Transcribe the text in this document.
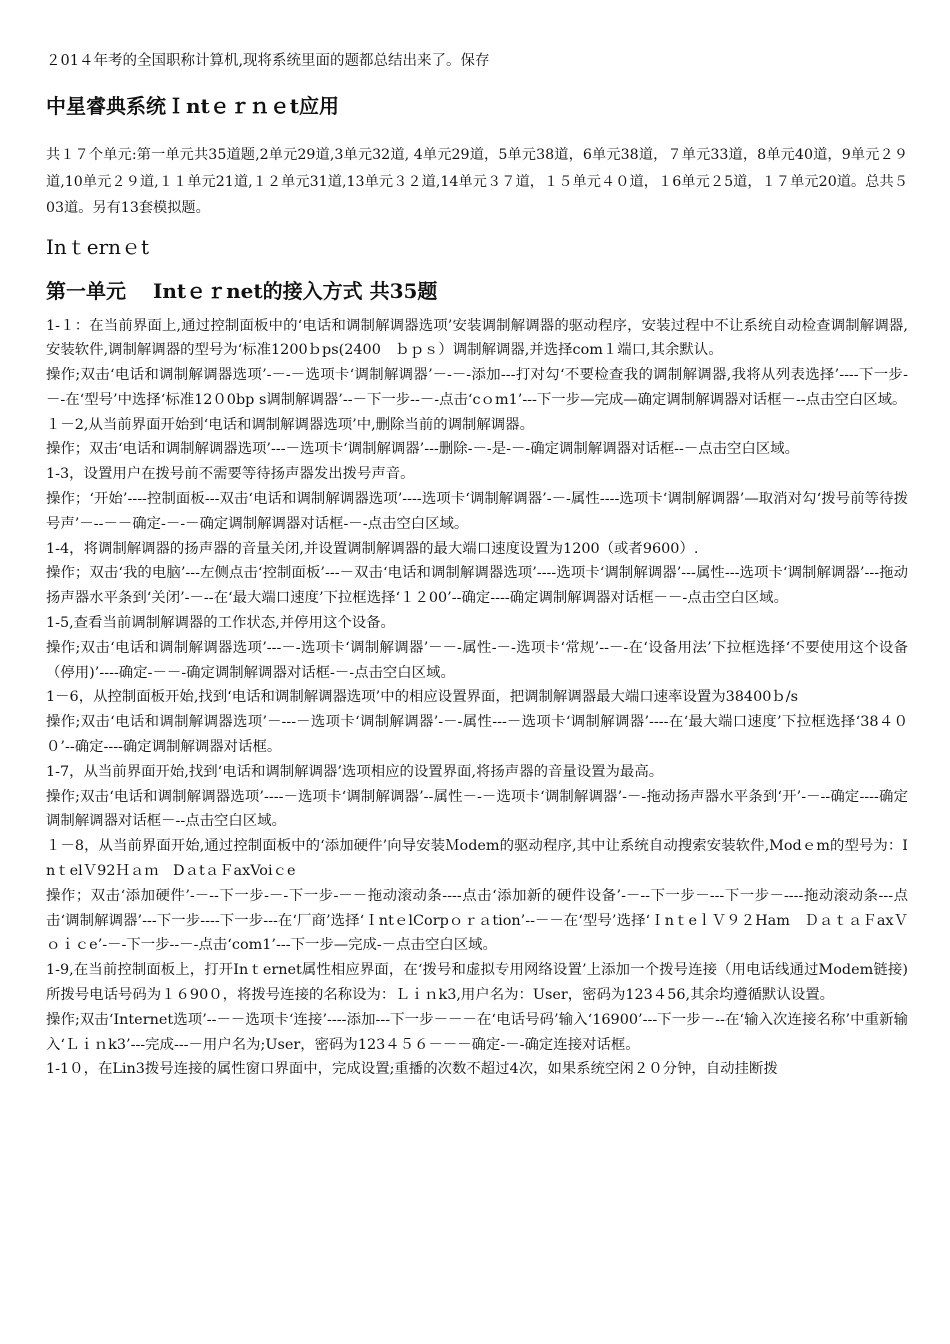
２01４年考的全国职称计算机,现将系统里面的题都总结出来了。保存

中星睿典系统Ｉntｅｒｎｅt应用

共１７个单元:第一单元共35道题,2单元29道,3单元32道, 4单元29道，5单元38道，6单元38道，７单元33道，8单元40道，9单元２９道,10单元２９道,１１单元21道,１２单元31道,13单元３２道,14单元３７道，１５单元４０道，１6单元２5道，１７单元20道。总共５03道。另有13套模拟题。

Inｔernｅt
第一单元　 Intｅｒnet的接入方式 共35题

1-１：在当前界面上,通过控制面板中的‘电话和调制解调器选项’安装调制解调器的驱动程序，安装过程中不让系统自动检查调制解调器,安装软件,调制解调器的型号为‘标准1200ｂps(2400　ｂｐｓ）调制解调器,并选择com１端口,其余默认。

操作;双击‘电话和调制解调器选项’-－-－选项卡‘调制解调器’－-－-添加---打对勾‘不要检查我的调制解调器,我将从列表选择’----下一步-－-在‘型号’中选择‘标准12０0bp s调制解调器’--－下一步--－-点击‘cｏm1’---下一步—完成—确定调制解调器对话框－--点击空白区域。

１－2,从当前界面开始到‘电话和调制解调器选项’中,删除当前的调制解调器。

操作；双击‘电话和调制解调器选项’---－选项卡‘调制解调器’---删除-－-是-－-确定调制解调器对话框--－点击空白区域。

1-3，设置用户在拨号前不需要等待扬声器发出拨号声音。

操作；‘开始’----控制面板---双击‘电话和调制解调器选项’----选项卡‘调制解调器’-－-属性----选项卡‘调制解调器’—取消对勾‘拨号前等待拨号声’－--－－确定-－-－确定调制解调器对话框-－-点击空白区域。

1-4，将调制解调器的扬声器的音量关闭,并设置调制解调器的最大端口速度设置为1200（或者9600）.

操作；双击‘我的电脑’---左侧点击‘控制面板’---－双击‘电话和调制解调器选项’----选项卡‘调制解调器’---属性---选项卡‘调制解调器’---拖动扬声器水平条到‘关闭’-－--在‘最大端口速度’下拉框选择‘１２00’--确定----确定调制解调器对话框－－-点击空白区域。

1-5,查看当前调制解调器的工作状态,并停用这个设备。

操作;双击‘电话和调制解调器选项’---－-选项卡‘调制解调器’－－-属性-－-选项卡‘常规’--－-在‘设备用法’下拉框选择‘不要使用这个设备（停用)’----确定-－－-确定调制解调器对话框-－-点击空白区域。

1－6，从控制面板开始,找到‘电话和调制解调器选项’中的相应设置界面，把调制解调器最大端口速率设置为38400ｂ/s

操作;双击‘电话和调制解调器选项’－---－选项卡‘调制解调器’-－-属性---－选项卡‘调制解调器’----在‘最大端口速度’下拉框选择‘38４００’--确定----确定调制解调器对话框。

1-7，从当前界面开始,找到‘电话和调制解调器’选项相应的设置界面,将扬声器的音量设置为最高。

操作;双击‘电话和调制解调器选项’----－选项卡‘调制解调器’--属性－-－选项卡‘调制解调器’-－-拖动扬声器水平条到‘开’-－--确定----确定调制解调器对话框－--点击空白区域。

１－8，从当前界面开始,通过控制面板中的‘添加硬件’向导安装Ｍodem的驱动程序,其中让系统自动搜索安装软件,Modｅm的型号为：InｔelＶ92Ｈａｍ　DａtａＦaxVoiｃe

操作；双击‘添加硬件’-－--下一步-－-下一步-－－拖动滚动条----点击‘添加新的硬件设备’-－--下一步－---下一步－----拖动滚动条---点击‘调制解调器’---下一步----下一步---在‘厂商’选择‘ＩntｅlCorpｏｒａtion’--－－在‘型号’选择‘ＩnｔeｌＶ９２Ham　ＤａｔａＦaxＶｏｉｃe’-－-下一步--－-点击‘com1’---下一步—完成-－点击空白区域。

1-9,在当前控制面板上，打开Inｔernet属性相应界面，在‘拨号和虚拟专用网络设置’上添加一个拨号连接（用电话线通过Modem链接)所拨号电话号码为１６90０，将拨号连接的名称设为：Ｌｉｎk3,用户名为：User，密码为123４56,其余均遵循默认设置。

操作;双击‘Internet选项’--－－选项卡‘连接’----添加---下一步－－－在‘电话号码’输入‘16900’---下一步－--在‘输入次连接名称’中重新输入‘Ｌｉｎk3’---完成---－用户名为;User，密码为123４５６－－－确定-－-确定连接对话框。

1-1０，在Lin3拨号连接的属性窗口界面中，完成设置;重播的次数不超过4次，如果系统空闲２０分钟，自动挂断拨
